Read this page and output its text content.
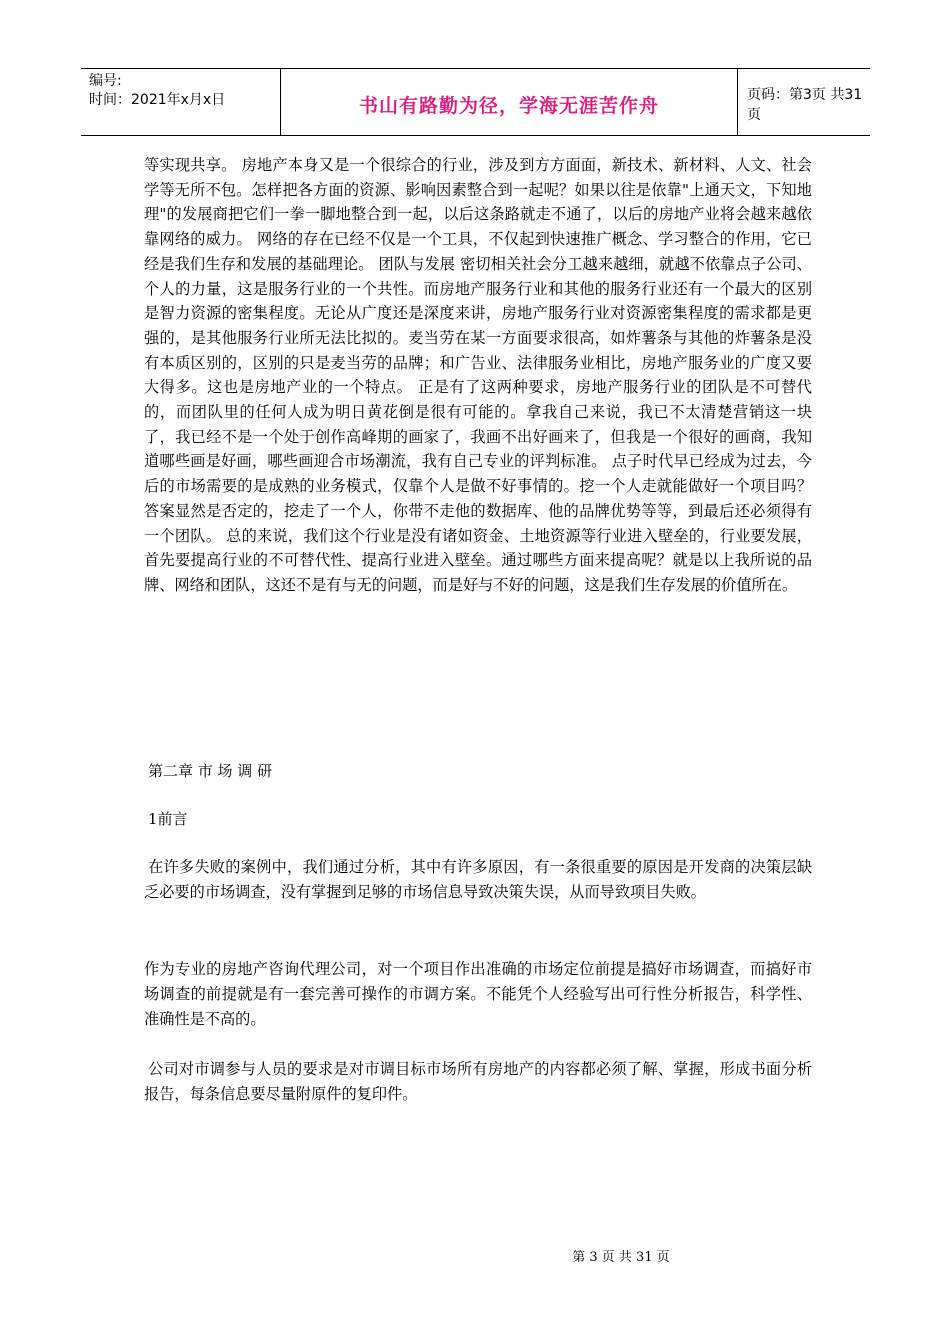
编号:
时间：2021年x月x日	书山有路勤为径，学海无涯苦作舟	页码：第3页 共31页
等实现共享。 房地产本身又是一个很综合的行业，涉及到方方面面，新技术、新材料、人文、社会学等无所不包。怎样把各方面的资源、影响因素整合到一起呢？如果以往是依靠"上通天文，下知地理"的发展商把它们一拳一脚地整合到一起，以后这条路就走不通了，以后的房地产业将会越来越依靠网络的威力。 网络的存在已经不仅是一个工具，不仅起到快速推广概念、学习整合的作用，它已经是我们生存和发展的基础理论。 团队与发展 密切相关社会分工越来越细，就越不依靠点子公司、个人的力量，这是服务行业的一个共性。而房地产服务行业和其他的服务行业还有一个最大的区别是智力资源的密集程度。无论从广度还是深度来讲，房地产服务行业对资源密集程度的需求都是更强的，是其他服务行业所无法比拟的。麦当劳在某一方面要求很高，如炸薯条与其他的炸薯条是没有本质区别的，区别的只是麦当劳的品牌；和广告业、法律服务业相比，房地产服务业的广度又要大得多。这也是房地产业的一个特点。 正是有了这两种要求，房地产服务行业的团队是不可替代的，而团队里的任何人成为明日黄花倒是很有可能的。拿我自己来说，我已不太清楚营销这一块了，我已经不是一个处于创作高峰期的画家了，我画不出好画来了，但我是一个很好的画商，我知道哪些画是好画，哪些画迎合市场潮流，我有自己专业的评判标准。 点子时代早已经成为过去，今后的市场需要的是成熟的业务模式，仅靠个人是做不好事情的。挖一个人走就能做好一个项目吗？答案显然是否定的，挖走了一个人，你带不走他的数据库、他的品牌优势等等，到最后还必须得有一个团队。 总的来说，我们这个行业是没有诸如资金、土地资源等行业进入壁垒的，行业要发展，首先要提高行业的不可替代性、提高行业进入壁垒。通过哪些方面来提高呢？就是以上我所说的品牌、网络和团队，这还不是有与无的问题，而是好与不好的问题，这是我们生存发展的价值所在。
第二章 市 场 调 研
1前言
在许多失败的案例中，我们通过分析，其中有许多原因，有一条很重要的原因是开发商的决策层缺乏必要的市场调查，没有掌握到足够的市场信息导致决策失误，从而导致项目失败。
作为专业的房地产咨询代理公司，对一个项目作出准确的市场定位前提是搞好市场调查，而搞好市场调查的前提就是有一套完善可操作的市调方案。不能凭个人经验写出可行性分析报告，科学性、准确性是不高的。
公司对市调参与人员的要求是对市调目标市场所有房地产的内容都必须了解、掌握，形成书面分析报告，每条信息要尽量附原件的复印件。
第 3 页 共 31 页
